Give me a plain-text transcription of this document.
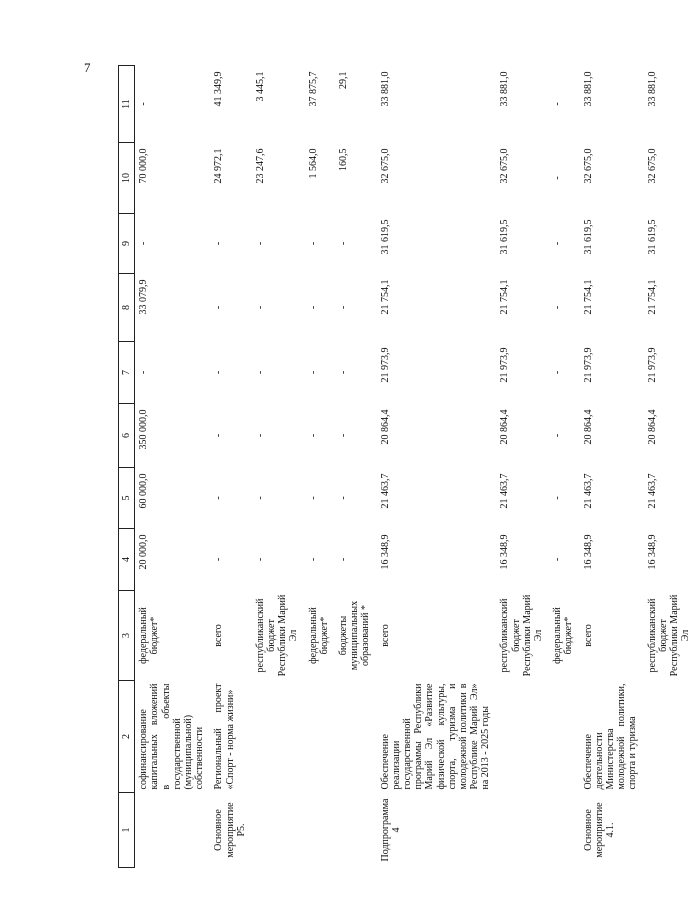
7
1	2	3	4	5	6	7	8	9	10	11
	софинансирование капитальных вложений в объекты государственной (муниципальной) собственности	федеральный бюджет*	20 000,0	60 000,0	350 000,0	-	33 079,9	-	70 000,0	-
Основное мероприятие Р5.	Региональный проект «Спорт - норма жизни»	всего	-	-	-	-	-	-	24 972,1	41 349,9
		республиканский бюджет Республики Марий Эл	-	-	-	-	-	-	23 247,6	3 445,1
		федеральный бюджет*	-	-	-	-	-	-	1 564,0	37 875,7
		бюджеты муниципальных образований *	-	-	-	-	-	-	160,5	29,1
Подпрограмма 4	Обеспечение реализации государственной программы Республики Марий Эл «Развитие физической культуры, спорта, туризма и молодежной политики в Республике Марий Эл» на 2013 - 2025 годы	всего	16 348,9	21 463,7	20 864,4	21 973,9	21 754,1	31 619,5	32 675,0	33 881,0
		республиканский бюджет Республики Марий Эл	16 348,9	21 463,7	20 864,4	21 973,9	21 754,1	31 619,5	32 675,0	33 881,0
		федеральный бюджет*	-	-	-	-	-	-	-	-
Основное мероприятие 4.1.	Обеспечение деятельности Министерства молодежной политики, спорта и туризма	всего	16 348,9	21 463,7	20 864,4	21 973,9	21 754,1	31 619,5	32 675,0	33 881,0
		республиканский бюджет Республики Марий Эл	16 348,9	21 463,7	20 864,4	21 973,9	21 754,1	31 619,5	32 675,0	33 881,0
